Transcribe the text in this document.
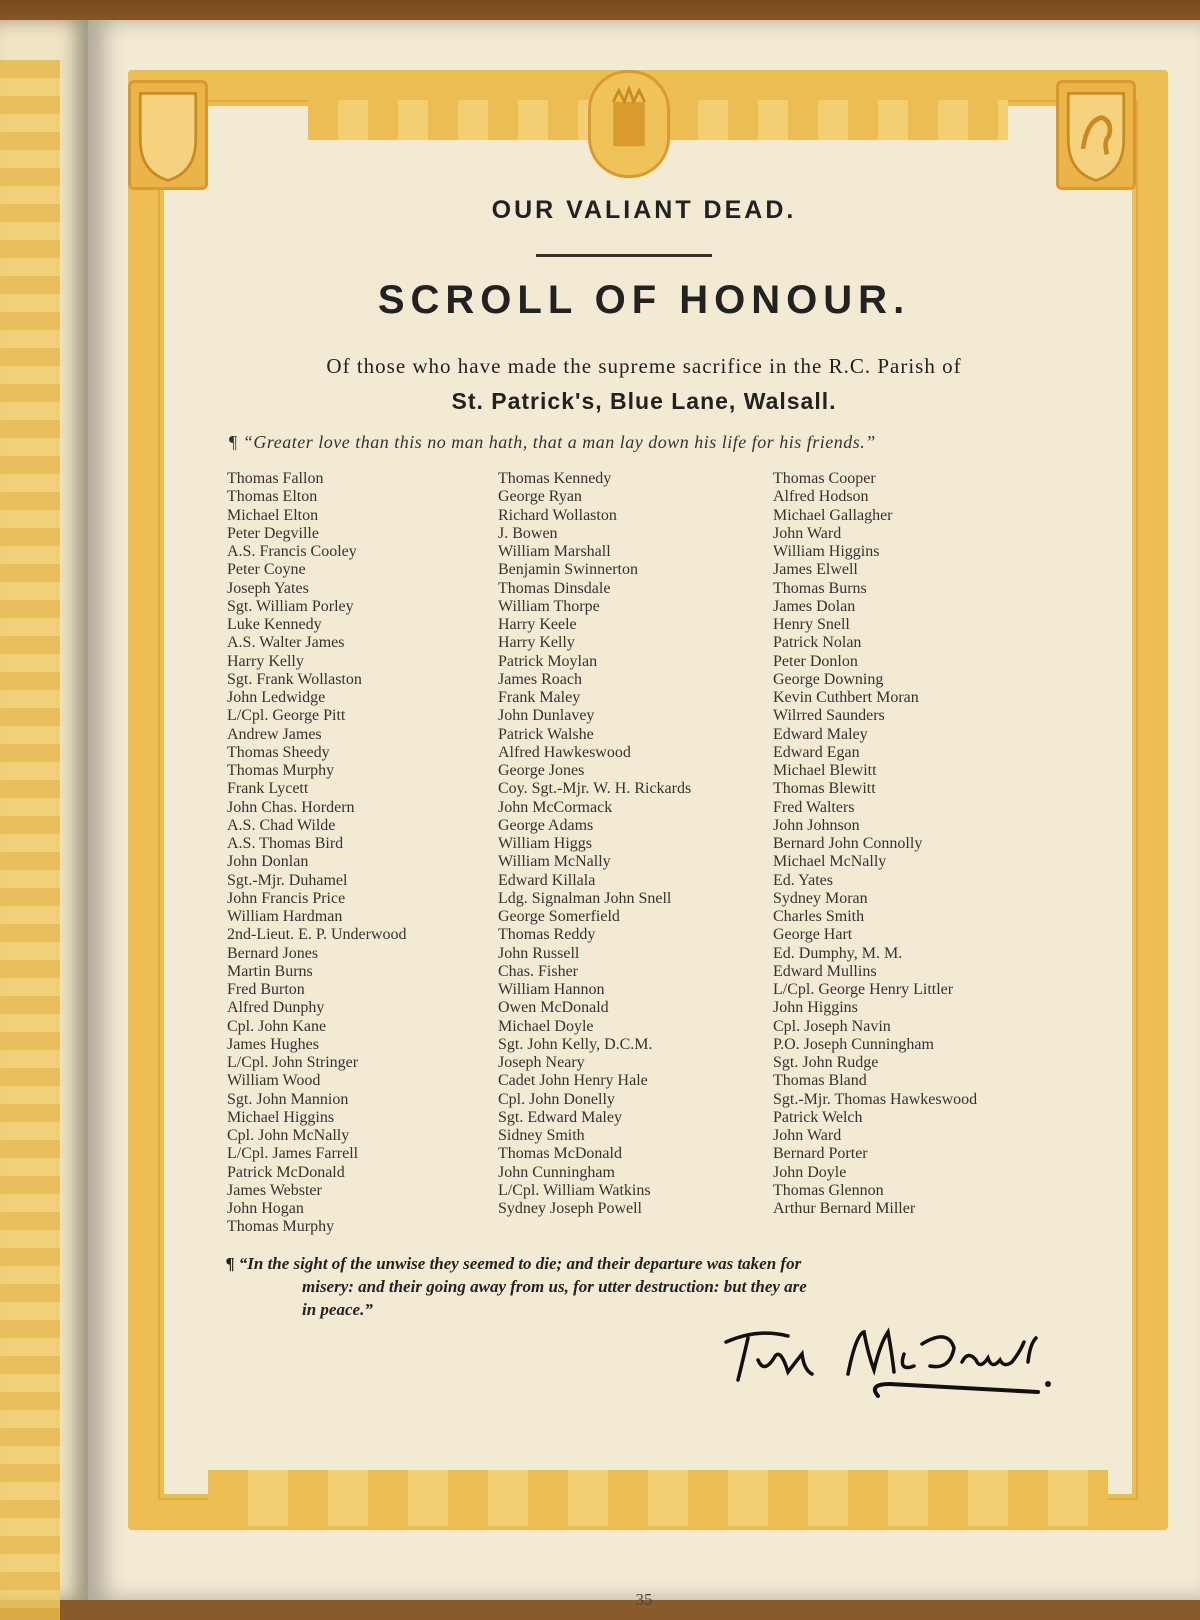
OUR VALIANT DEAD.
SCROLL OF HONOUR.
Of those who have made the supreme sacrifice in the R.C. Parish of
St. Patrick's, Blue Lane, Walsall.
¶ “Greater love than this no man hath, that a man lay down his life for his friends.”
Thomas Fallon
Thomas Elton
Michael Elton
Peter Degville
A.S. Francis Cooley
Peter Coyne
Joseph Yates
Sgt. William Porley
Luke Kennedy
A.S. Walter James
Harry Kelly
Sgt. Frank Wollaston
John Ledwidge
L/Cpl. George Pitt
Andrew James
Thomas Sheedy
Thomas Murphy
Frank Lycett
John Chas. Hordern
A.S. Chad Wilde
A.S. Thomas Bird
John Donlan
Sgt.-Mjr. Duhamel
John Francis Price
William Hardman
2nd-Lieut. E. P. Underwood
Bernard Jones
Martin Burns
Fred Burton
Alfred Dunphy
Cpl. John Kane
James Hughes
L/Cpl. John Stringer
William Wood
Sgt. John Mannion
Michael Higgins
Cpl. John McNally
L/Cpl. James Farrell
Patrick McDonald
James Webster
John Hogan
Thomas Murphy
Thomas Kennedy
George Ryan
Richard Wollaston
J. Bowen
William Marshall
Benjamin Swinnerton
Thomas Dinsdale
William Thorpe
Harry Keele
Harry Kelly
Patrick Moylan
James Roach
Frank Maley
John Dunlavey
Patrick Walshe
Alfred Hawkeswood
George Jones
Coy. Sgt.-Mjr. W. H. Rickards
John McCormack
George Adams
William Higgs
William McNally
Edward Killala
Ldg. Signalman John Snell
George Somerfield
Thomas Reddy
John Russell
Chas. Fisher
William Hannon
Owen McDonald
Michael Doyle
Sgt. John Kelly, D.C.M.
Joseph Neary
Cadet John Henry Hale
Cpl. John Donelly
Sgt. Edward Maley
Sidney Smith
Thomas McDonald
John Cunningham
L/Cpl. William Watkins
Sydney Joseph Powell
Thomas Cooper
Alfred Hodson
Michael Gallagher
John Ward
William Higgins
James Elwell
Thomas Burns
James Dolan
Henry Snell
Patrick Nolan
Peter Donlon
George Downing
Kevin Cuthbert Moran
Wilrred Saunders
Edward Maley
Edward Egan
Michael Blewitt
Thomas Blewitt
Fred Walters
John Johnson
Bernard John Connolly
Michael McNally
Ed. Yates
Sydney Moran
Charles Smith
George Hart
Ed. Dumphy, M. M.
Edward Mullins
L/Cpl. George Henry Littler
John Higgins
Cpl. Joseph Navin
P.O. Joseph Cunningham
Sgt. John Rudge
Thomas Bland
Sgt.-Mjr. Thomas Hawkeswood
Patrick Welch
John Ward
Bernard Porter
John Doyle
Thomas Glennon
Arthur Bernard Miller
¶ “In the sight of the unwise they seemed to die; and their departure was taken for
misery: and their going away from us, for utter destruction: but they are
in peace.”
35
